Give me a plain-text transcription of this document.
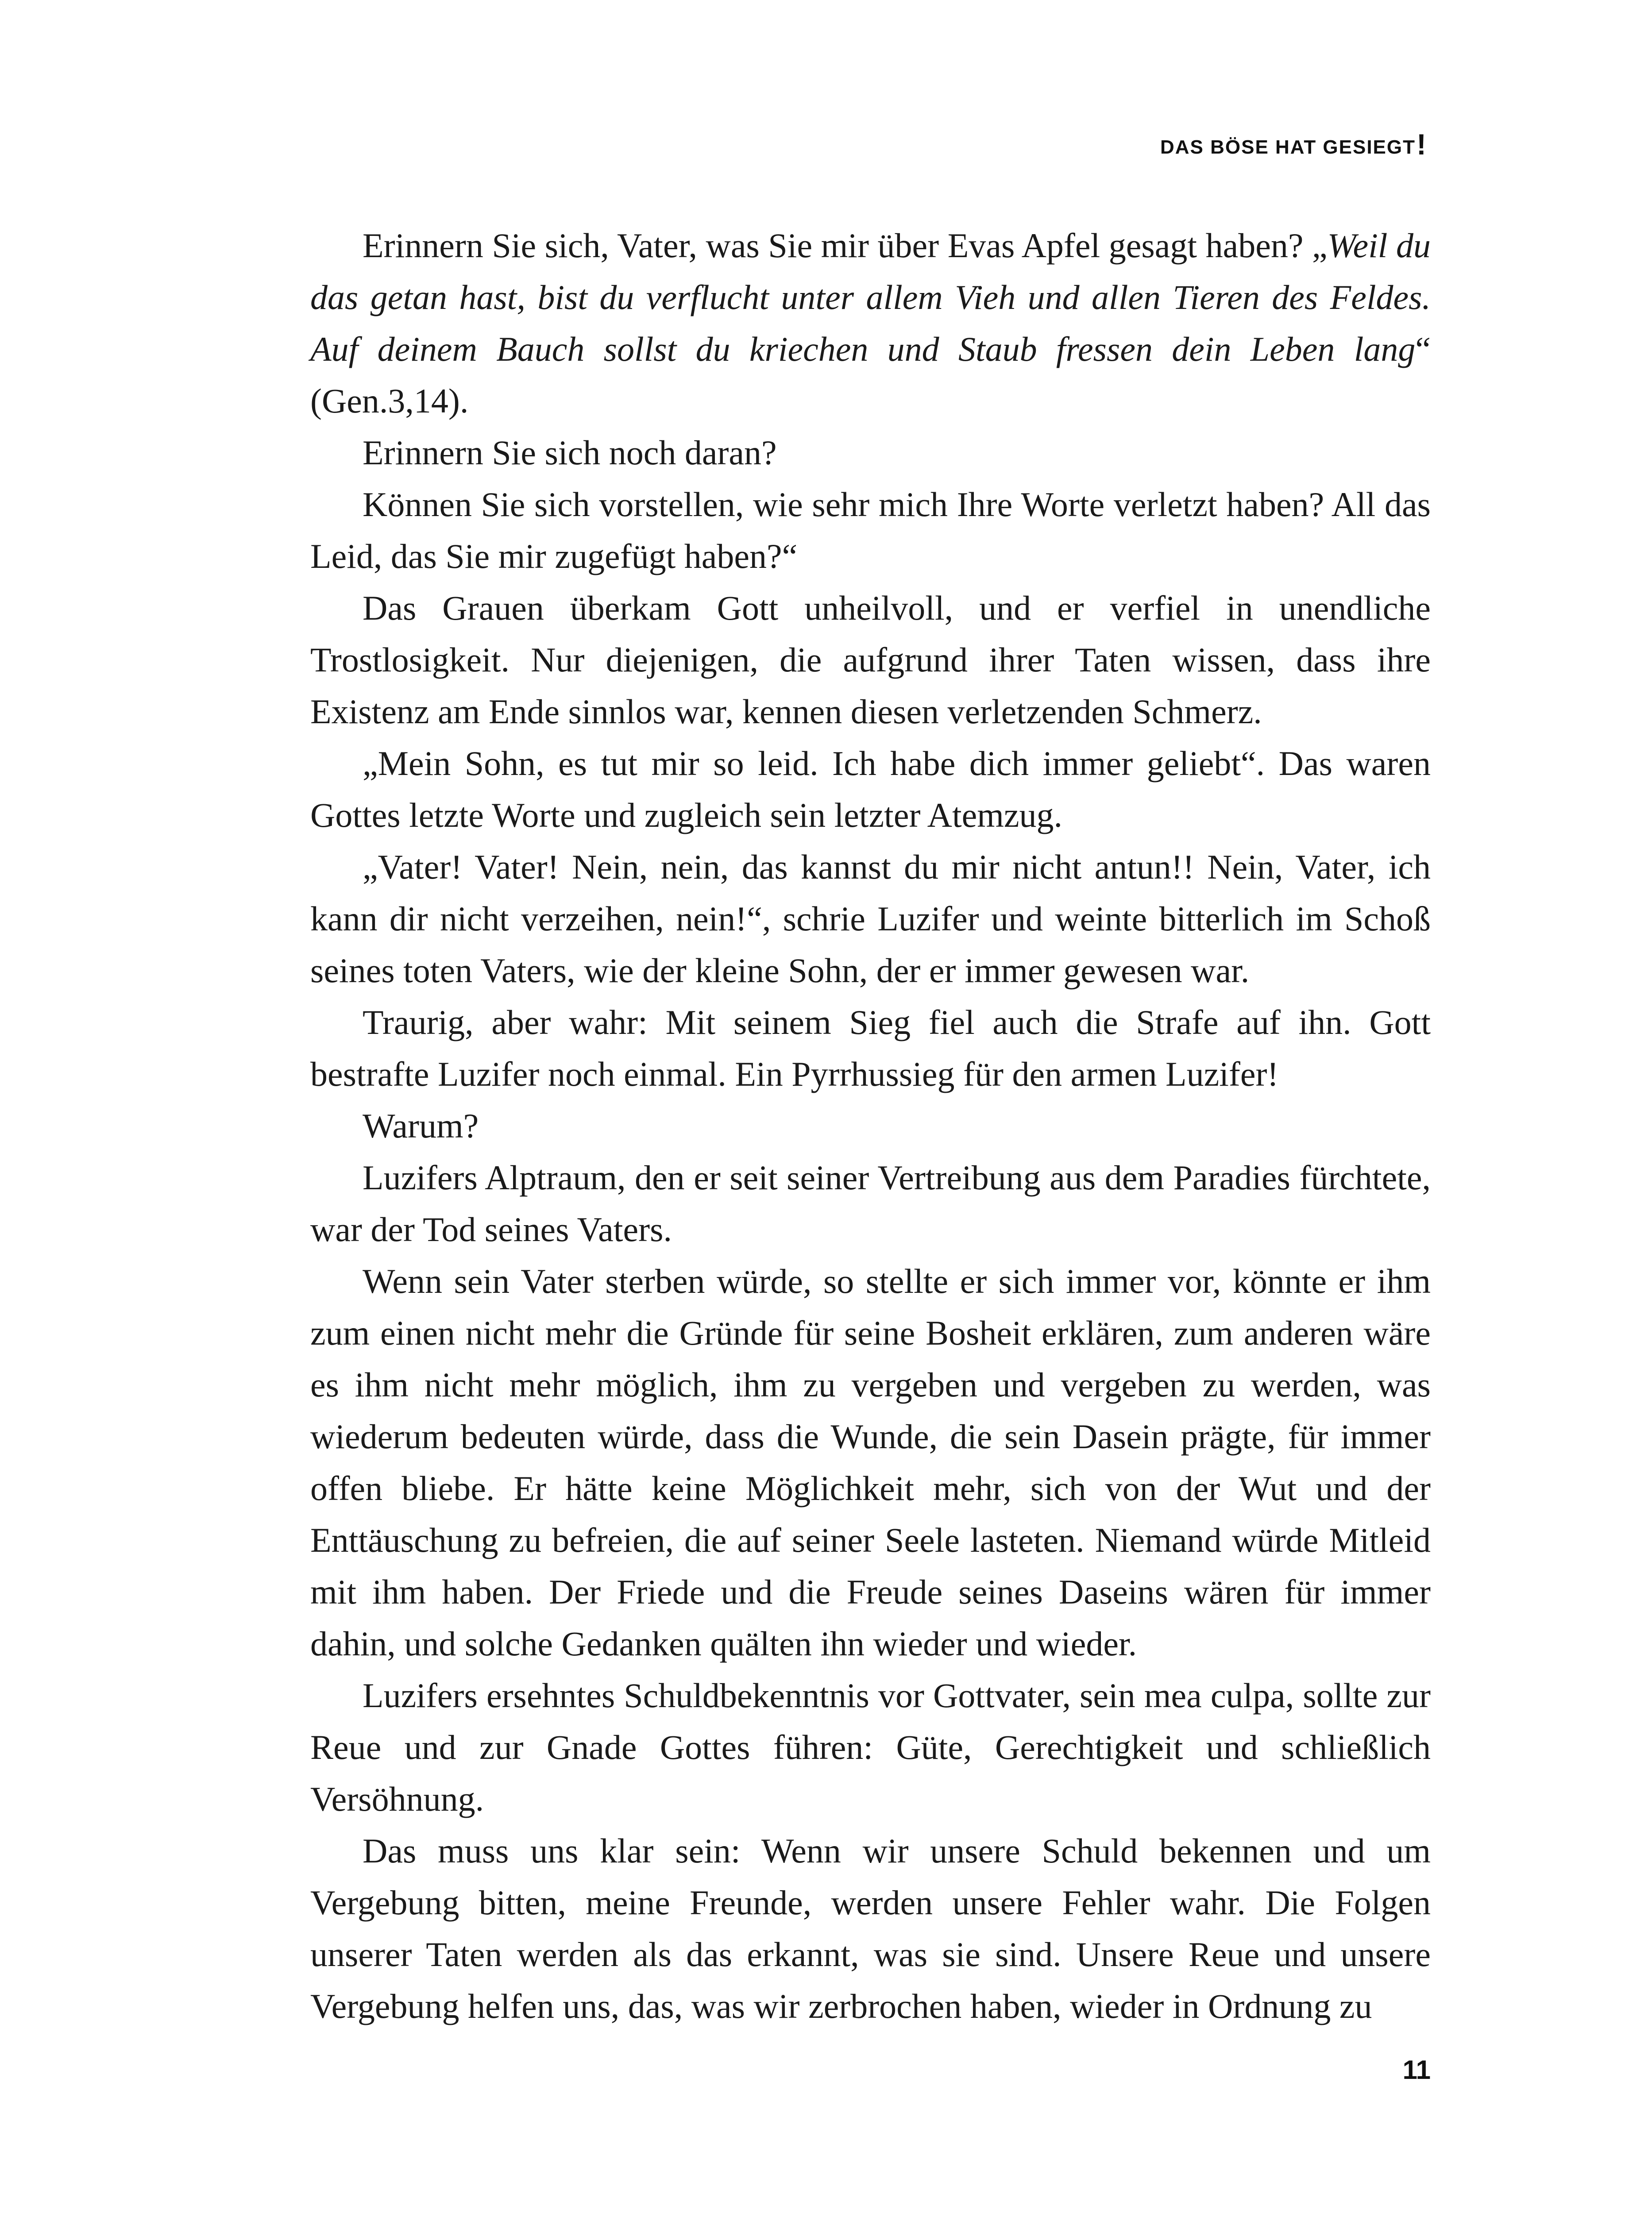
DAS BÖSE HAT GESIEGT!

Erinnern Sie sich, Vater, was Sie mir über Evas Apfel gesagt haben? „Weil du das getan hast, bist du verflucht unter allem Vieh und allen Tieren des Feldes. Auf deinem Bauch sollst du kriechen und Staub fressen dein Leben lang“ (Gen.3,14).

Erinnern Sie sich noch daran?

Können Sie sich vorstellen, wie sehr mich Ihre Worte verletzt haben? All das Leid, das Sie mir zugefügt haben?“

Das Grauen überkam Gott unheilvoll, und er verfiel in unendliche Trostlosigkeit. Nur diejenigen, die aufgrund ihrer Taten wissen, dass ihre Existenz am Ende sinnlos war, kennen diesen verletzenden Schmerz.

„Mein Sohn, es tut mir so leid. Ich habe dich immer geliebt“. Das waren Gottes letzte Worte und zugleich sein letzter Atemzug.

„Vater! Vater! Nein, nein, das kannst du mir nicht antun!! Nein, Vater, ich kann dir nicht verzeihen, nein!“, schrie Luzifer und weinte bitterlich im Schoß seines toten Vaters, wie der kleine Sohn, der er immer gewesen war.

Traurig, aber wahr: Mit seinem Sieg fiel auch die Strafe auf ihn. Gott bestrafte Luzifer noch einmal. Ein Pyrrhussieg für den armen Luzifer!

Warum?

Luzifers Alptraum, den er seit seiner Vertreibung aus dem Paradies fürchtete, war der Tod seines Vaters.

Wenn sein Vater sterben würde, so stellte er sich immer vor, könnte er ihm zum einen nicht mehr die Gründe für seine Bosheit erklären, zum anderen wäre es ihm nicht mehr möglich, ihm zu vergeben und vergeben zu werden, was wiederum bedeuten würde, dass die Wunde, die sein Dasein prägte, für immer offen bliebe. Er hätte keine Möglichkeit mehr, sich von der Wut und der Enttäuschung zu befreien, die auf seiner Seele lasteten. Niemand würde Mitleid mit ihm haben. Der Friede und die Freude seines Daseins wären für immer dahin, und solche Gedanken quälten ihn wieder und wieder.

Luzifers ersehntes Schuldbekenntnis vor Gottvater, sein mea culpa, sollte zur Reue und zur Gnade Gottes führen: Güte, Gerechtigkeit und schließlich Versöhnung.

Das muss uns klar sein: Wenn wir unsere Schuld bekennen und um Vergebung bitten, meine Freunde, werden unsere Fehler wahr. Die Folgen unserer Taten werden als das erkannt, was sie sind. Unsere Reue und unsere Vergebung helfen uns, das, was wir zerbrochen haben, wieder in Ordnung zu

11
